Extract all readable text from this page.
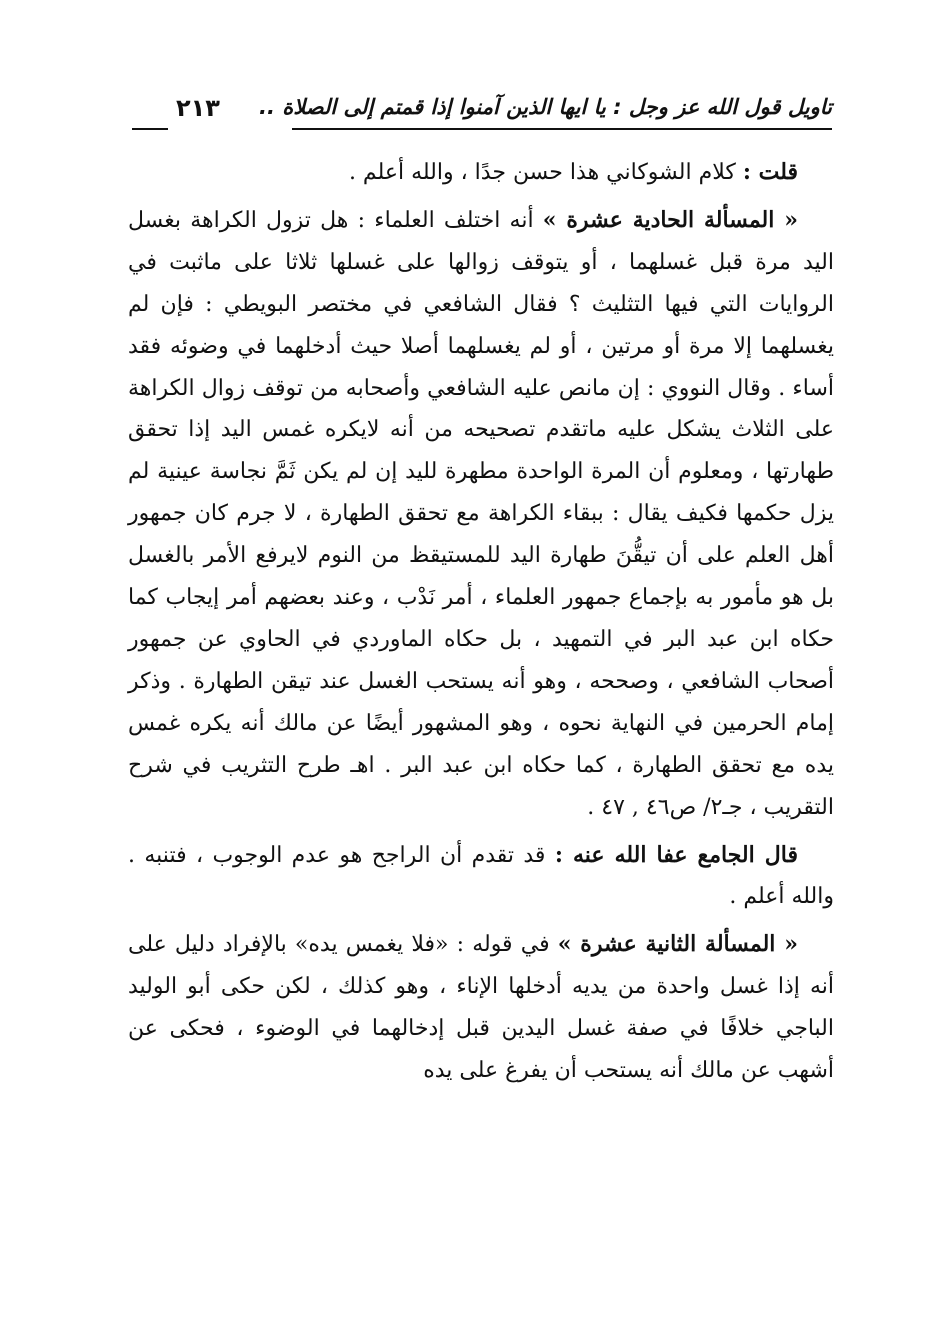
تاويل قول الله عز وجل : يا ايها الذين آمنوا إذا قمتم إلى الصلاة ..
٢١٣

قلت : كلام الشوكاني هذا حسن جدًا ، والله أعلم .

« المسألة الحادية عشرة » أنه اختلف العلماء : هل تزول الكراهة بغسل اليد مرة قبل غسلهما ، أو يتوقف زوالها على غسلها ثلاثا على ماثبت في الروايات التي فيها التثليث ؟ فقال الشافعي في مختصر البويطي : فإن لم يغسلهما إلا مرة أو مرتين ، أو لم يغسلهما أصلا حيث أدخلهما في وضوئه فقد أساء . وقال النووي : إن مانص عليه الشافعي وأصحابه من توقف زوال الكراهة على الثلاث يشكل عليه ماتقدم تصحيحه من أنه لايكره غمس اليد إذا تحقق طهارتها ، ومعلوم أن المرة الواحدة مطهرة لليد إن لم يكن ثَمَّ نجاسة عينية لم يزل حكمها فكيف يقال : ببقاء الكراهة مع تحقق الطهارة ، لا جرم كان جمهور أهل العلم على أن تيقُّنَ طهارة اليد للمستيقظ من النوم لايرفع الأمر بالغسل بل هو مأمور به بإجماع جمهور العلماء ، أمر نَدْب ، وعند بعضهم أمر إيجاب كما حكاه ابن عبد البر في التمهيد ، بل حكاه الماوردي في الحاوي عن جمهور أصحاب الشافعي ، وصححه ، وهو أنه يستحب الغسل عند تيقن الطهارة . وذكر إمام الحرمين في النهاية نحوه ، وهو المشهور أيضًا عن مالك أنه يكره غمس يده مع تحقق الطهارة ، كما حكاه ابن عبد البر . اهـ طرح التثريب في شرح التقريب ، جـ٢/ ص٤٦ , ٤٧ .

قال الجامع عفا الله عنه : قد تقدم أن الراجح هو عدم الوجوب ، فتنبه . والله أعلم .

« المسألة الثانية عشرة » في قوله : «فلا يغمس يده» بالإفراد دليل على أنه إذا غسل واحدة من يديه أدخلها الإناء ، وهو كذلك ، لكن حكى أبو الوليد الباجي خلافًا في صفة غسل اليدين قبل إدخالهما في الوضوء ، فحكى عن أشهب عن مالك أنه يستحب أن يفرغ على يده
